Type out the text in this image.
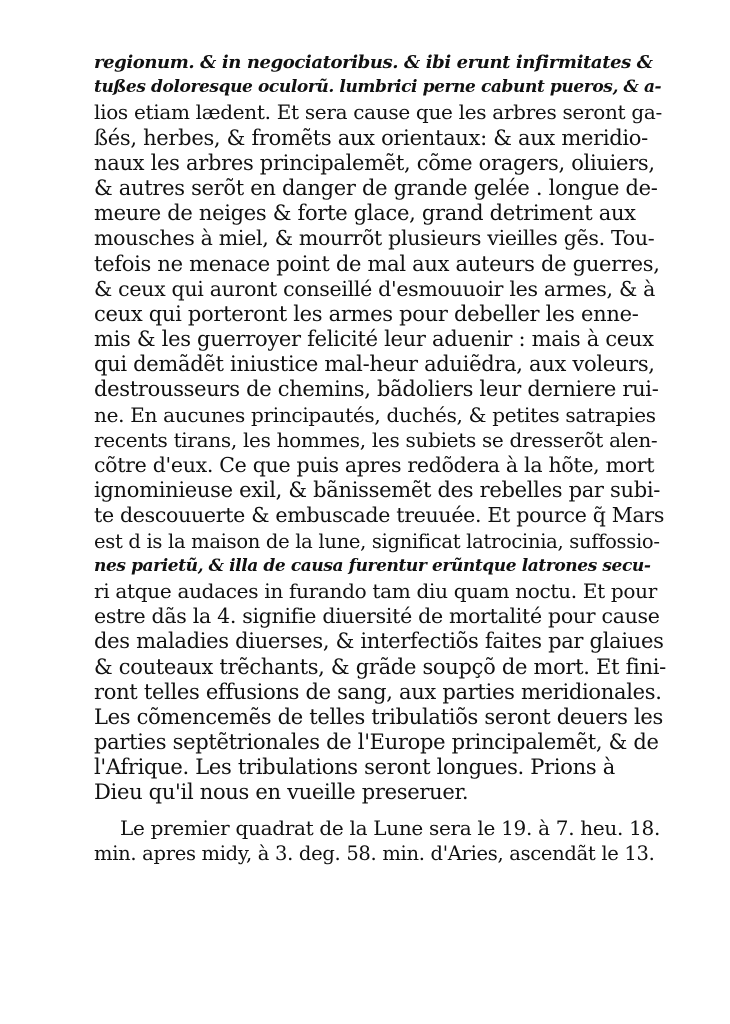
regionum. & in negociatoribus. & ibi erunt infirmitates &
tußes doloresque oculorũ. lumbrici perne cabunt pueros, & a-
lios etiam lædent. Et sera cause que les arbres seront ga-
ßés, herbes, & fromẽts aux orientaux: & aux meridio-
naux les arbres principalemẽt, cõme oragers, oliuiers,
& autres serõt en danger de grande gelée . longue de-
meure de neiges & forte glace, grand detriment aux
mousches à miel, & mourrõt plusieurs vieilles gẽs. Tou-
tefois ne menace point de mal aux auteurs de guerres,
& ceux qui auront conseillé d'esmouuoir les armes, & à
ceux qui porteront les armes pour debeller les enne-
mis & les guerroyer felicité leur aduenir : mais à ceux
qui demãdẽt iniustice mal-heur aduiẽdra, aux voleurs,
destrousseurs de chemins, bãdoliers leur derniere rui-
ne. En aucunes principautés, duchés, & petites satrapies
recents tirans, les hommes, les subiets se dresserõt alen-
cõtre d'eux. Ce que puis apres redõdera à la hõte, mort
ignominieuse exil, & bãnissemẽt des rebelles par subi-
te descouuerte & embuscade treuuée. Et pource q̃ Mars
est d is la maison de la lune, significat latrocinia, suffossio-
nes parietũ, & illa de causa furentur erũntque latrones secu-
ri atque audaces in furando tam diu quam noctu. Et pour
estre dãs la 4. signifie diuersité de mortalité pour cause
des maladies diuerses, & interfectiõs faites par glaiues
& couteaux trẽchants, & grãde soupçõ de mort. Et fini-
ront telles effusions de sang, aux parties meridionales.
Les cõmencemẽs de telles tribulatiõs seront deuers les
parties septẽtrionales de l'Europe principalemẽt, & de
l'Afrique. Les tribulations seront longues. Prions à
Dieu qu'il nous en vueille preseruer.
Le premier quadrat de la Lune sera le 19. à 7. heu. 18.
min. apres midy, à 3. deg. 58. min. d'Aries, ascendãt le 13.
